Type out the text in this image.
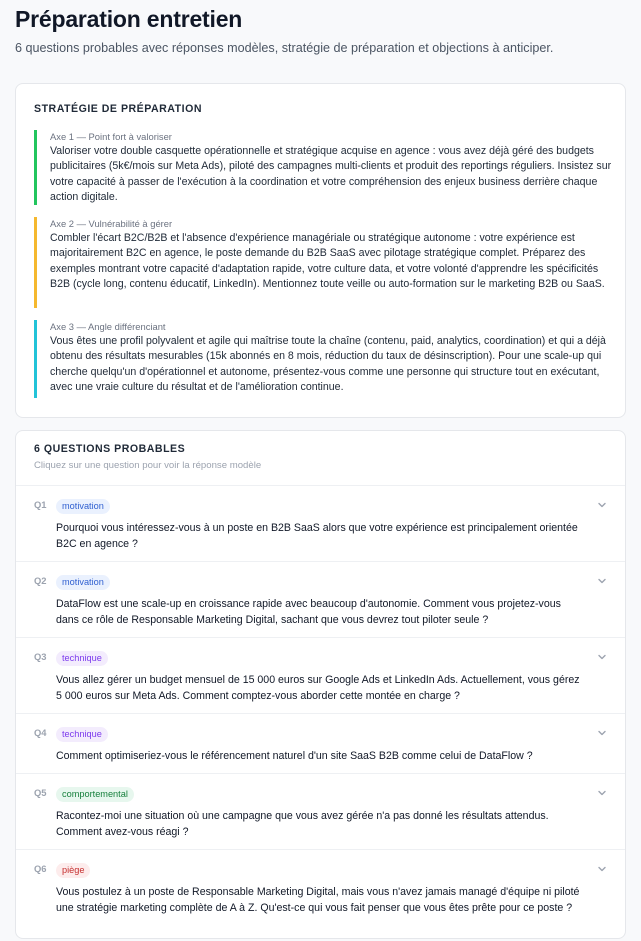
Préparation entretien
6 questions probables avec réponses modèles, stratégie de préparation et objections à anticiper.
STRATÉGIE DE PRÉPARATION
Axe 1 — Point fort à valoriser
Valoriser votre double casquette opérationnelle et stratégique acquise en agence : vous avez déjà géré des budgets publicitaires (5k€/mois sur Meta Ads), piloté des campagnes multi-clients et produit des reportings réguliers. Insistez sur votre capacité à passer de l'exécution à la coordination et votre compréhension des enjeux business derrière chaque action digitale.
Axe 2 — Vulnérabilité à gérer
Combler l'écart B2C/B2B et l'absence d'expérience managériale ou stratégique autonome : votre expérience est majoritairement B2C en agence, le poste demande du B2B SaaS avec pilotage stratégique complet. Préparez des exemples montrant votre capacité d'adaptation rapide, votre culture data, et votre volonté d'apprendre les spécificités B2B (cycle long, contenu éducatif, LinkedIn). Mentionnez toute veille ou auto-formation sur le marketing B2B ou SaaS.
Axe 3 — Angle différenciant
Vous êtes une profil polyvalent et agile qui maîtrise toute la chaîne (contenu, paid, analytics, coordination) et qui a déjà obtenu des résultats mesurables (15k abonnés en 8 mois, réduction du taux de désinscription). Pour une scale-up qui cherche quelqu'un d'opérationnel et autonome, présentez-vous comme une personne qui structure tout en exécutant, avec une vraie culture du résultat et de l'amélioration continue.
6 QUESTIONS PROBABLES
Cliquez sur une question pour voir la réponse modèle
Q1	motivation
Pourquoi vous intéressez-vous à un poste en B2B SaaS alors que votre expérience est principalement orientée B2C en agence ?
Q2	motivation
DataFlow est une scale-up en croissance rapide avec beaucoup d'autonomie. Comment vous projetez-vous dans ce rôle de Responsable Marketing Digital, sachant que vous devrez tout piloter seule ?
Q3	technique
Vous allez gérer un budget mensuel de 15 000 euros sur Google Ads et LinkedIn Ads. Actuellement, vous gérez 5 000 euros sur Meta Ads. Comment comptez-vous aborder cette montée en charge ?
Q4	technique
Comment optimiseriez-vous le référencement naturel d'un site SaaS B2B comme celui de DataFlow ?
Q5	comportemental
Racontez-moi une situation où une campagne que vous avez gérée n'a pas donné les résultats attendus. Comment avez-vous réagi ?
Q6	piège
Vous postulez à un poste de Responsable Marketing Digital, mais vous n'avez jamais managé d'équipe ni piloté une stratégie marketing complète de A à Z. Qu'est-ce qui vous fait penser que vous êtes prête pour ce poste ?
